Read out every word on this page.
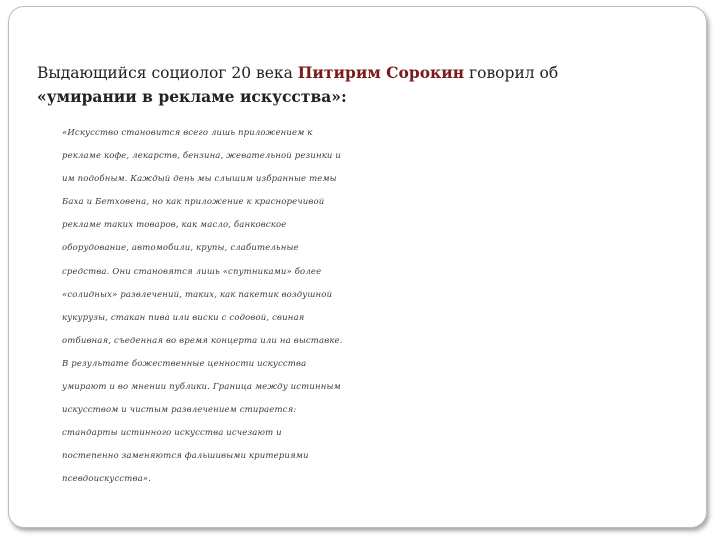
Выдающийся социолог 20 века Питирим Сорокин говорил об
«умирании в рекламе искусства»:
«Искусство становится всего лишь приложением к
рекламе кофе, лекарств, бензина, жевательной резинки и
им подобным. Каждый день мы слышим избранные темы
Баха и Бетховена, но как приложение к красноречивой
рекламе таких товаров, как масло, банковское
оборудование, автомобили, крупы, слабительные
средства. Они становятся лишь «спутниками» более
«солидных» развлечений, таких, как пакетик воздушной
кукурузы, стакан пива или виски с содовой, свиная
отбивная, съеденная во время концерта или на выставке.
В результате божественные ценности искусства
умирают и во мнении публики. Граница между истинным
искусством и чистым развлечением стирается:
стандарты истинного искусства исчезают и
постепенно заменяются фальшивыми критериями
псевдоискусства».
